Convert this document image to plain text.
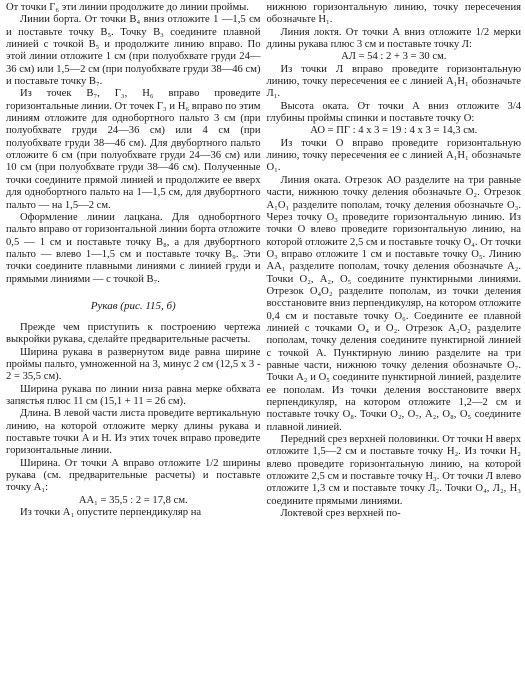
От точки Г₆ эти линии продолжите до линии проймы.

Линии борта. От точки В₄ вниз отложите 1 —1,5 см и поставьте точку В₅. Точку В₃ соедините плавной линией с точкой В₅ и продолжите линию вправо. По этой линии отложите 1 см (при полуобхвате груди 24—36 см) или 1,5—2 см (при полуобхвате груди 38—46 см) и поставьте точку В₇.

Из точек В₇, Г₃, Н₆ вправо проведите горизонтальные линии. От точек Г₃ и Н₆ вправо по этим линиям отложите для однобортного пальто 3 см (при полуобхвате груди 24—36 см) или 4 см (при полуобхвате груди 38—46 см). Для двубортного пальто отложите 6 см (при полуобхвате груди 24—36 см) или 10 см (при полуобхвате груди 38—46 см). Полученные точки соедините прямой линией и продолжите ее вверх для однобортного пальто на 1—1,5 см, для двубортного пальто — на 1,5—2 см.

Оформление линии лацкана. Для однобортного пальто вправо от горизонтальной линии борта отложите 0,5 — 1 см и поставьте точку В₈, а для двубортного пальто — влево 1—1,5 см и поставьте точку В₉. Эти точки соедините плавными линиями с линией груди и прямыми линиями — с точкой В₇.

Рукав (рис. 115, б)

Прежде чем приступить к построению чертежа выкройки рукава, сделайте предварительные расчеты.

Ширина рукава в развернутом виде равна ширине проймы пальто, умноженной на 3, минус 2 см (12,5 х 3 - 2 = 35,5 см).

Ширина рукава по линии низа равна мерке обхвата запястья плюс 11 см (15,1 + 11 = 26 см).

Длина. В левой части листа проведите вертикальную линию, на которой отложите мерку длины рукава и поставьте точки А и Н. Из этих точек вправо проведите горизонтальные линии.

Ширина. От точки А вправо отложите 1/2 ширины рукава (см. предварительные расчеты) и поставьте точку А₁:

AA₁ = 35,5 : 2 = 17,8 см.

Из точки А₁ опустите перпендикуляр на

нижнюю горизонтальную линию, точку пересечения обозначьте Н₁.

Линия локтя. От точки А вниз отложите 1/2 мерки длины рукава плюс 3 см и поставьте точку Л:

AЛ = 54 : 2 + 3 = 30 см.

Из точки Л вправо проведите горизонтальную линию, точку пересечения ее с линией А₁Н₁ обозначьте Л₁.

Высота оката. От точки А вниз отложите 3/4 глубины проймы спинки и поставьте точку О:

АО = ПГ : 4 х 3 = 19 : 4 х 3 = 14,3 см.

Из точки О вправо проведите горизонтальную линию, точку пересечения ее с линией А₁Н₁ обозначьте О₁.

Линия оката. Отрезок АО разделите на три равные части, нижнюю точку деления обозначьте О₂. Отрезок А₁О₁ разделите пополам, точку деления обозначьте О₃. Через точку О₃ проведите горизонтальную линию. Из точки О влево проведите горизонтальную линию, на которой отложите 2,5 см и поставьте точку О₄. От точки О₃ вправо отложите 1 см и поставьте точку О₅. Линию АА₁ разделите пополам, точку деления обозначьте А₂. Точки О₂, А₂, О₅ соедините пунктирными линиями. Отрезок О₄О₂ разделите пополам, из точки деления восстановите вниз перпендикуляр, на котором отложите 0,4 см и поставьте точку О₆. Соедините ее плавной линией с точками О₄ и О₂. Отрезок А₂О₂ разделите пополам, точку деления соедините пунктирной линией с точкой А. Пунктирную линию разделите на три равные части, нижнюю точку деления обозначьте О₇. Точки А₂ и О₅ соедините пунктирной линией, разделите ее пополам. Из точки деления восстановите вверх перпендикуляр, на котором отложите 1,2—2 см и поставьте точку О₈. Точки О₂, О₇, А₂, О₈, О₅ соедините плавной линией.

Передний срез верхней половинки. От точки Н вверх отложите 1,5—2 см и поставьте точку Н₂. Из точки Н₂ влево проведите горизонтальную линию, на которой отложите 2,5 см и поставьте точку Н₃. От точки Л влево отложите 1,3 см и поставьте точку Л₂. Точки О₄, Л₂, Н₃ соедините прямыми линиями.

Локтевой срез верхней по-
